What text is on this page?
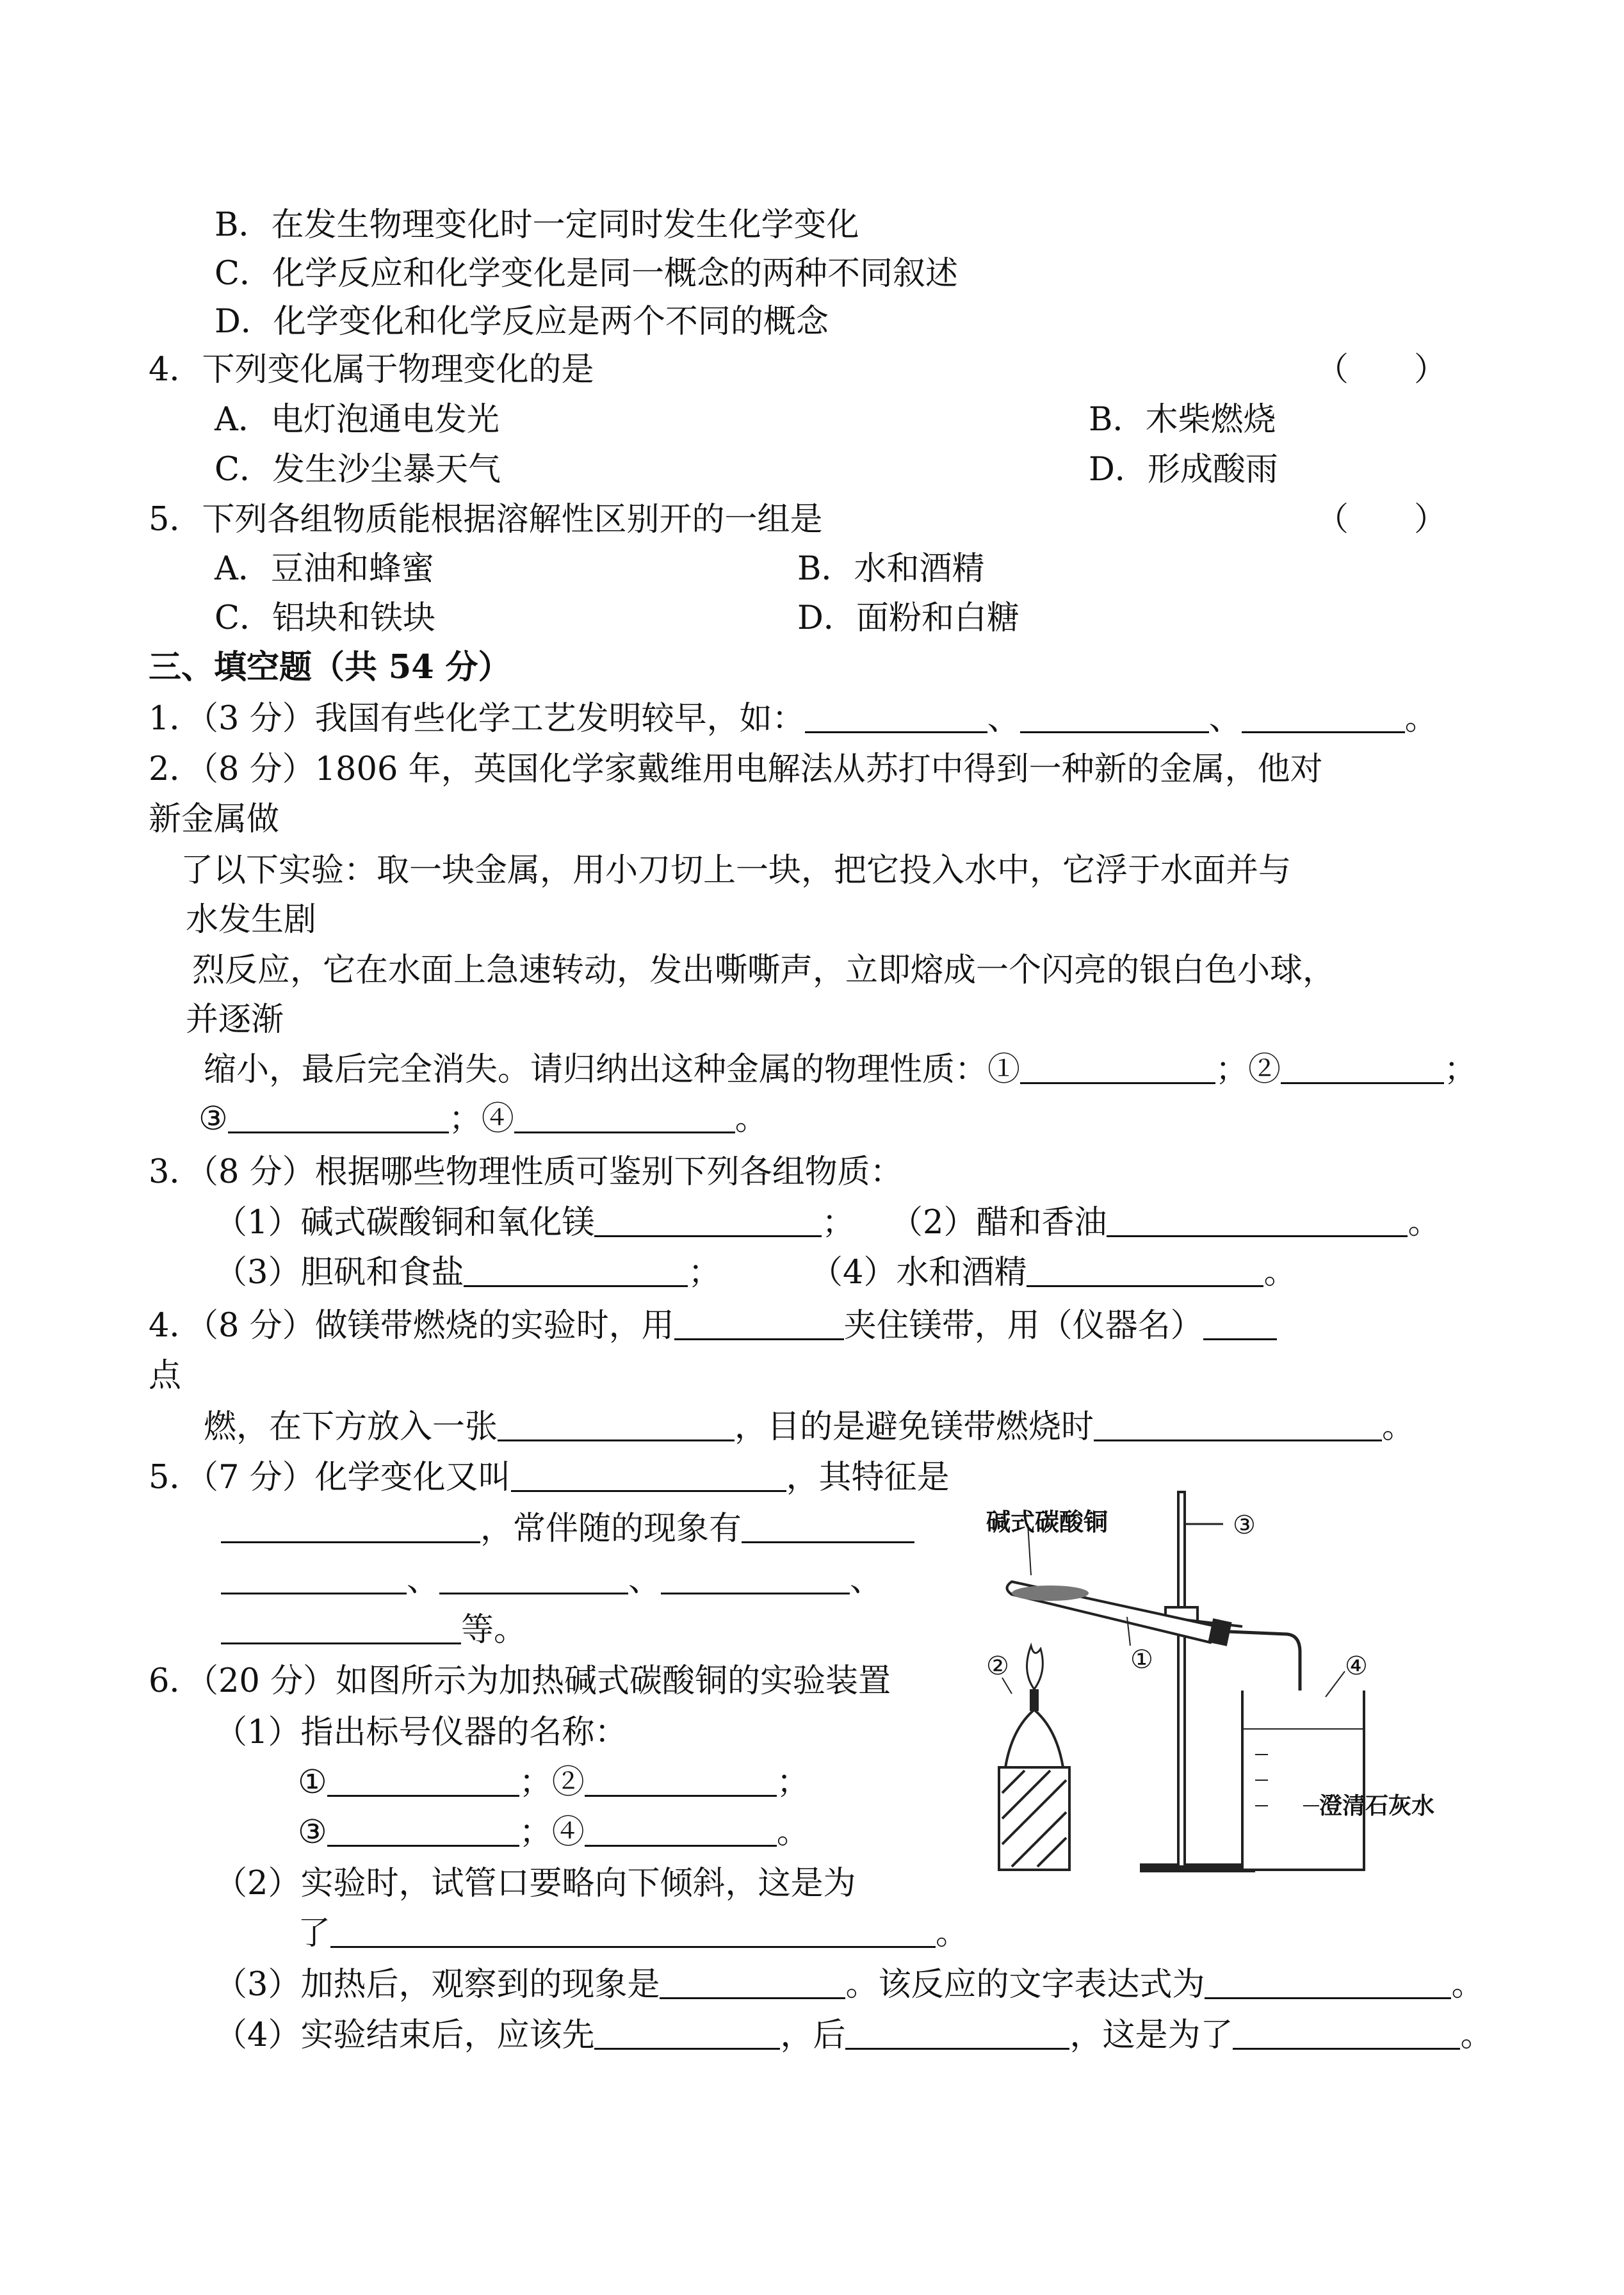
B．在发生物理变化时一定同时发生化学变化
C．化学反应和化学变化是同一概念的两种不同叙述
D．化学变化和化学反应是两个不同的概念
4．下列变化属于物理变化的是	（　　）
A．电灯泡通电发光	B．木柴燃烧
C．发生沙尘暴天气	D．形成酸雨
5．下列各组物质能根据溶解性区别开的一组是	（　　）
A．豆油和蜂蜜	B．水和酒精
C．铝块和铁块	D．面粉和白糖
三、填空题（共 54 分）
1．（3 分）我国有些化学工艺发明较早，如：	、	、	。
2．（8 分）1806 年，英国化学家戴维用电解法从苏打中得到一种新的金属，他对
新金属做
了以下实验：取一块金属，用小刀切上一块，把它投入水中，它浮于水面并与
水发生剧
烈反应，它在水面上急速转动，发出嘶嘶声，立即熔成一个闪亮的银白色小球，
并逐渐
缩小，最后完全消失。请归纳出这种金属的物理性质：①	；②	；
③	；④	。
3．（8 分）根据哪些物理性质可鉴别下列各组物质：
（1）碱式碳酸铜和氧化镁	； （2）醋和香油	。
（3）胆矾和食盐	；	（4）水和酒精	。
4．（8 分）做镁带燃烧的实验时，用	夹住镁带，用（仪器名）
点
燃，在下方放入一张	，目的是避免镁带燃烧时	。
5．（7 分）化学变化又叫	，其特征是
，常伴随的现象有
、	、	、
等。
6．（20 分）如图所示为加热碱式碳酸铜的实验装置
（1）指出标号仪器的名称：
①	；②	；
③	；④	。
（2）实验时，试管口要略向下倾斜，这是为
了	。
（3）加热后，观察到的现象是	。该反应的文字表达式为	。
（4）实验结束后，应该先	，后	，这是为了	。
碱式碳酸铜
澄清石灰水
①
②
③
④
